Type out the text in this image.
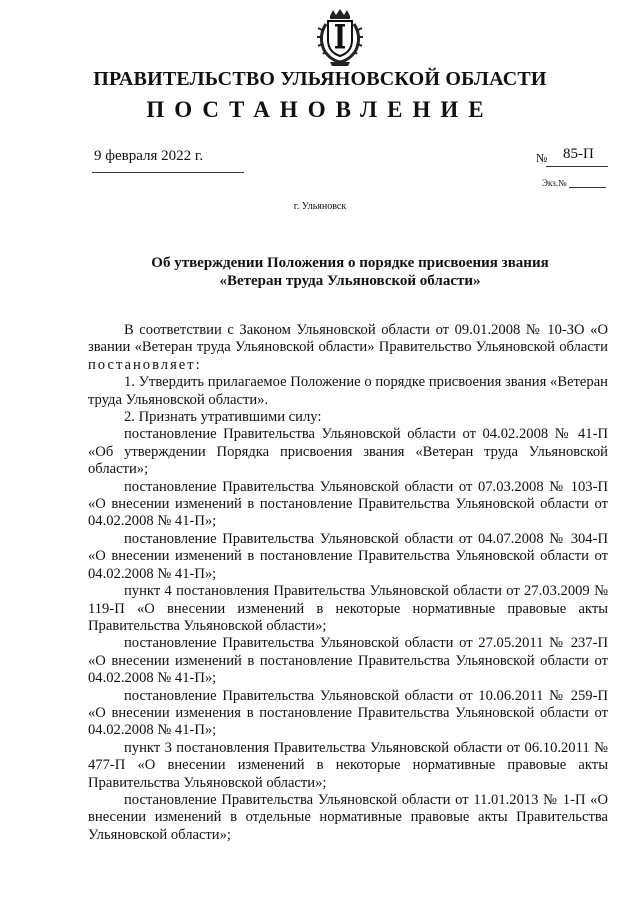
ПРАВИТЕЛЬСТВО УЛЬЯНОВСКОЙ ОБЛАСТИ
ПОСТАНОВЛЕНИЕ
9 февраля 2022 г.	№ 85-П
Экз.№
г. Ульяновск
Об утверждении Положения о порядке присвоения звания
«Ветеран труда Ульяновской области»

В соответствии с Законом Ульяновской области от 09.01.2008 № 10-ЗО «О звании «Ветеран труда Ульяновской области» Правительство Ульяновской области постановляет:

1. Утвердить прилагаемое Положение о порядке присвоения звания «Ветеран труда Ульяновской области».

2. Признать утратившими силу:

постановление Правительства Ульяновской области от 04.02.2008 № 41-П «Об утверждении Порядка присвоения звания «Ветеран труда Ульяновской области»;

постановление Правительства Ульяновской области от 07.03.2008 № 103-П «О внесении изменений в постановление Правительства Ульяновской области от 04.02.2008 № 41-П»;

постановление Правительства Ульяновской области от 04.07.2008 № 304-П «О внесении изменений в постановление Правительства Ульяновской области от 04.02.2008 № 41-П»;

пункт 4 постановления Правительства Ульяновской области от 27.03.2009 № 119-П «О внесении изменений в некоторые нормативные правовые акты Правительства Ульяновской области»;

постановление Правительства Ульяновской области от 27.05.2011 № 237-П «О внесении изменений в постановление Правительства Ульяновской области от 04.02.2008 № 41-П»;

постановление Правительства Ульяновской области от 10.06.2011 № 259-П «О внесении изменения в постановление Правительства Ульяновской области от 04.02.2008 № 41-П»;

пункт 3 постановления Правительства Ульяновской области от 06.10.2011 № 477-П «О внесении изменений в некоторые нормативные правовые акты Правительства Ульяновской области»;

постановление Правительства Ульяновской области от 11.01.2013 № 1-П «О внесении изменений в отдельные нормативные правовые акты Правительства Ульяновской области»;
